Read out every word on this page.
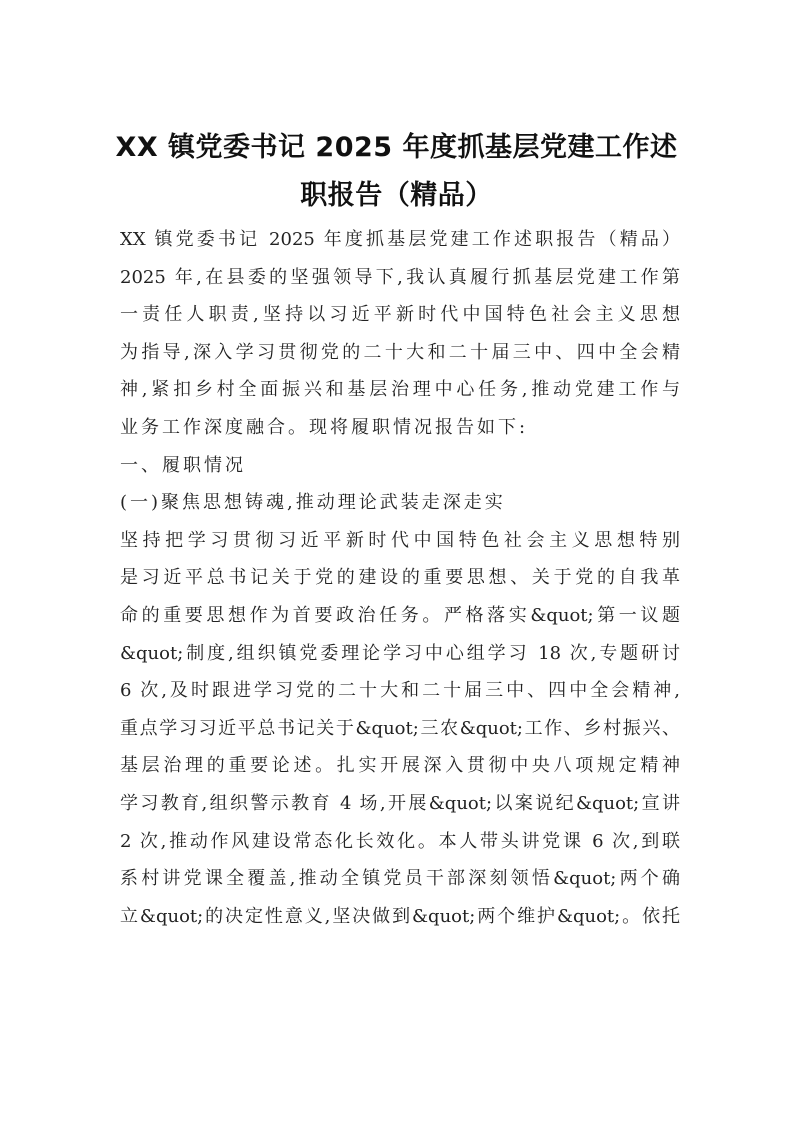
XX 镇党委书记 2025 年度抓基层党建工作述
职报告（精品）
XX 镇党委书记 2025 年度抓基层党建工作述职报告（精品）
2025 年,在县委的坚强领导下,我认真履行抓基层党建工作第
一责任人职责,坚持以习近平新时代中国特色社会主义思想
为指导,深入学习贯彻党的二十大和二十届三中、四中全会精
神,紧扣乡村全面振兴和基层治理中心任务,推动党建工作与
业务工作深度融合。现将履职情况报告如下:
一、履职情况
(一)聚焦思想铸魂,推动理论武装走深走实
坚持把学习贯彻习近平新时代中国特色社会主义思想特别
是习近平总书记关于党的建设的重要思想、关于党的自我革
命的重要思想作为首要政治任务。严格落实&quot;第一议题
&quot;制度,组织镇党委理论学习中心组学习 18 次,专题研讨
6 次,及时跟进学习党的二十大和二十届三中、四中全会精神,
重点学习习近平总书记关于&quot;三农&quot;工作、乡村振兴、
基层治理的重要论述。扎实开展深入贯彻中央八项规定精神
学习教育,组织警示教育 4 场,开展&quot;以案说纪&quot;宣讲
2 次,推动作风建设常态化长效化。本人带头讲党课 6 次,到联
系村讲党课全覆盖,推动全镇党员干部深刻领悟&quot;两个确
立&quot;的决定性意义,坚决做到&quot;两个维护&quot;。依托
